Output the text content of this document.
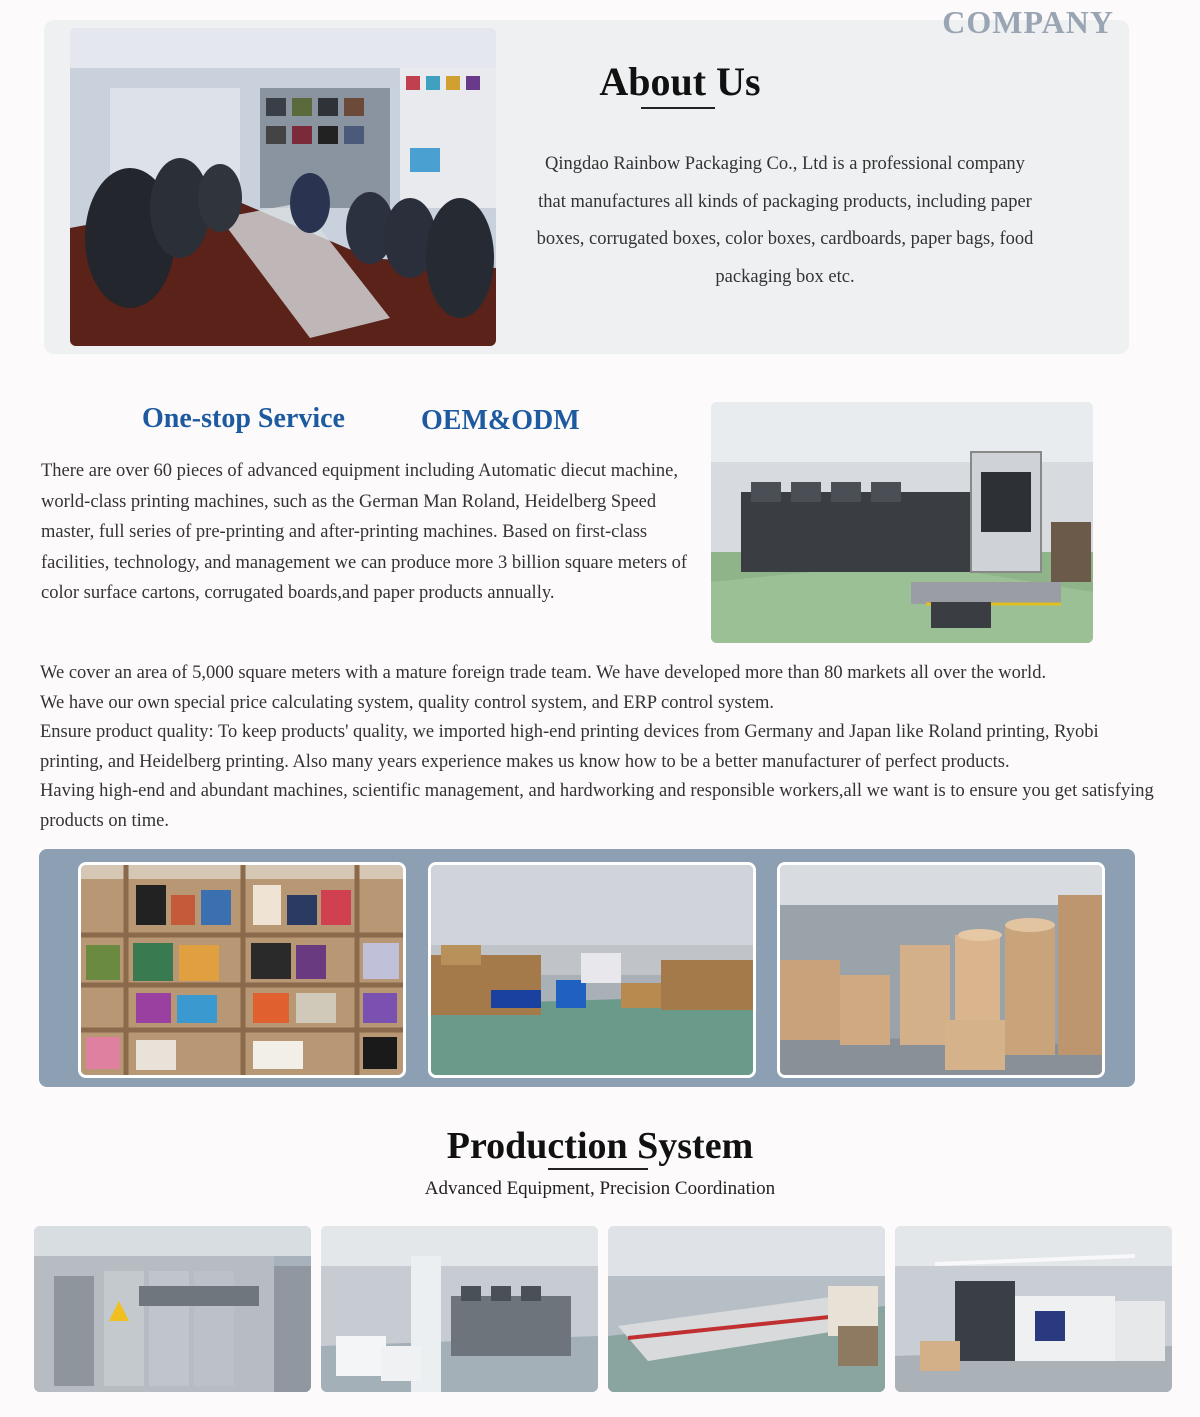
COMPANY
About Us
Qingdao Rainbow Packaging Co., Ltd is a professional company that manufactures all kinds of packaging products, including paper boxes, corrugated boxes, color boxes, cardboards, paper bags, food packaging box etc.
One-stop Service	OEM&ODM
There are over 60 pieces of advanced equipment including Automatic diecut machine, world-class printing machines, such as the German Man Roland, Heidelberg Speed master, full series of pre-printing and after-printing machines. Based on first-class facilities, technology, and management we can produce more 3 billion square meters of color surface cartons, corrugated boards,and paper products annually.

We cover an area of 5,000 square meters with a mature foreign trade team. We have developed more than 80 markets all over the world.

We have our own special price calculating system, quality control system, and ERP control system.

Ensure product quality: To keep products' quality, we imported high-end printing devices from Germany and Japan like Roland printing, Ryobi printing, and Heidelberg printing. Also many years experience makes us know how to be a better manufacturer of perfect products.

Having high-end and abundant machines, scientific management, and hardworking and responsible workers,all we want is to ensure you get satisfying products on time.

Production System
Advanced Equipment, Precision Coordination
